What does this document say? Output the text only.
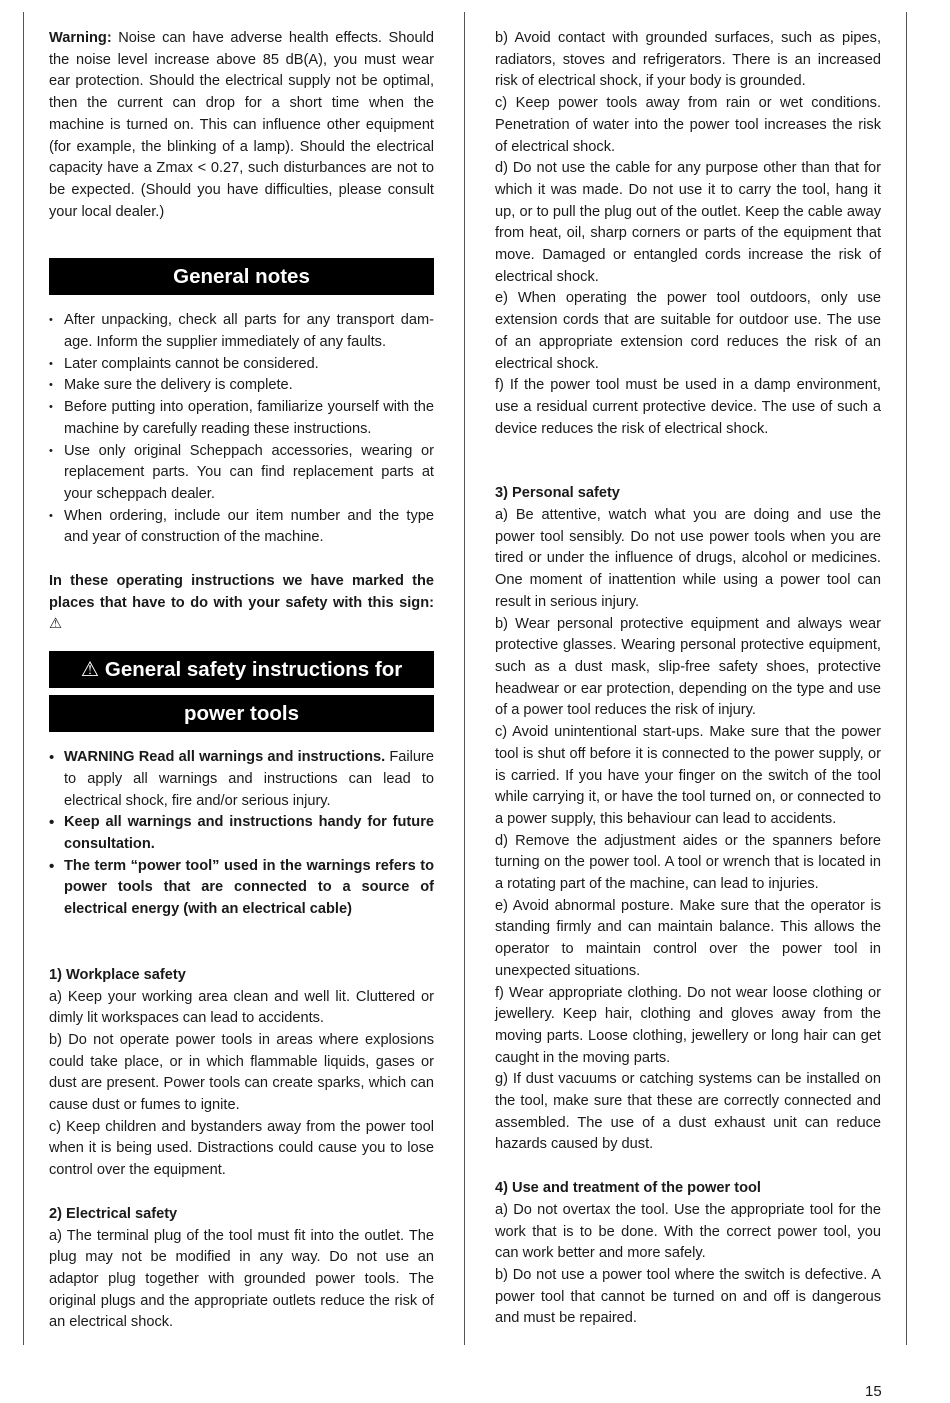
Warning: Noise can have adverse health effects. Should the noise level increase above 85 dB(A), you must wear ear protection. Should the electrical supply not be optimal, then the current can drop for a short time when the machine is turned on. This can influence other equipment (for example, the blinking of a lamp). Should the electrical capacity have a Zmax < 0.27, such disturbances are not to be expected. (Should you have difficulties, please consult your local dealer.)

General notes
• After unpacking, check all parts for any transport damage. Inform the supplier immediately of any faults.
• Later complaints cannot be considered.
• Make sure the delivery is complete.
• Before putting into operation, familiarize yourself with the machine by carefully reading these instructions.
• Use only original Scheppach accessories, wearing or replacement parts. You can find replacement parts at your scheppach dealer.
• When ordering, include our item number and the type and year of construction of the machine.

In these operating instructions we have marked the places that have to do with your safety with this sign: ⚠

⚠ General safety instructions for
power tools
• WARNING Read all warnings and instructions. Failure to apply all warnings and instructions can lead to electrical shock, fire and/or serious injury.
• Keep all warnings and instructions handy for future consultation.
• The term “power tool” used in the warnings refers to power tools that are connected to a source of electrical energy (with an electrical cable)

1) Workplace safety

a) Keep your working area clean and well lit. Cluttered or dimly lit workspaces can lead to accidents.

b) Do not operate power tools in areas where explosions could take place, or in which flammable liquids, gases or dust are present. Power tools can create sparks, which can cause dust or fumes to ignite.

c) Keep children and bystanders away from the power tool when it is being used. Distractions could cause you to lose control over the equipment.

2) Electrical safety

a) The terminal plug of the tool must fit into the outlet. The plug may not be modified in any way. Do not use an adaptor plug together with grounded power tools. The original plugs and the appropriate outlets reduce the risk of an electrical shock.

b) Avoid contact with grounded surfaces, such as pipes, radiators, stoves and refrigerators. There is an increased risk of electrical shock, if your body is grounded.

c) Keep power tools away from rain or wet conditions. Penetration of water into the power tool increases the risk of electrical shock.

d) Do not use the cable for any purpose other than that for which it was made. Do not use it to carry the tool, hang it up, or to pull the plug out of the outlet. Keep the cable away from heat, oil, sharp corners or parts of the equipment that move. Damaged or entangled cords increase the risk of electrical shock.

e) When operating the power tool outdoors, only use extension cords that are suitable for outdoor use. The use of an appropriate extension cord reduces the risk of an electrical shock.

f) If the power tool must be used in a damp environment, use a residual current protective device. The use of such a device reduces the risk of electrical shock.

3) Personal safety

a) Be attentive, watch what you are doing and use the power tool sensibly. Do not use power tools when you are tired or under the influence of drugs, alcohol or medicines. One moment of inattention while using a power tool can result in serious injury.

b) Wear personal protective equipment and always wear protective glasses. Wearing personal protective equipment, such as a dust mask, slip-free safety shoes, protective headwear or ear protection, depending on the type and use of a power tool reduces the risk of injury.

c) Avoid unintentional start-ups. Make sure that the power tool is shut off before it is connected to the power supply, or is carried. If you have your finger on the switch of the tool while carrying it, or have the tool turned on, or connected to a power supply, this behaviour can lead to accidents.

d) Remove the adjustment aides or the spanners before turning on the power tool. A tool or wrench that is located in a rotating part of the machine, can lead to injuries.

e) Avoid abnormal posture. Make sure that the operator is standing firmly and can maintain balance. This allows the operator to maintain control over the power tool in unexpected situations.

f) Wear appropriate clothing. Do not wear loose clothing or jewellery. Keep hair, clothing and gloves away from the moving parts. Loose clothing, jewellery or long hair can get caught in the moving parts.

g) If dust vacuums or catching systems can be installed on the tool, make sure that these are correctly connected and assembled. The use of a dust exhaust unit can reduce hazards caused by dust.

4) Use and treatment of the power tool

a) Do not overtax the tool. Use the appropriate tool for the work that is to be done. With the correct power tool, you can work better and more safely.

b) Do not use a power tool where the switch is defective. A power tool that cannot be turned on and off is dangerous and must be repaired.

15
